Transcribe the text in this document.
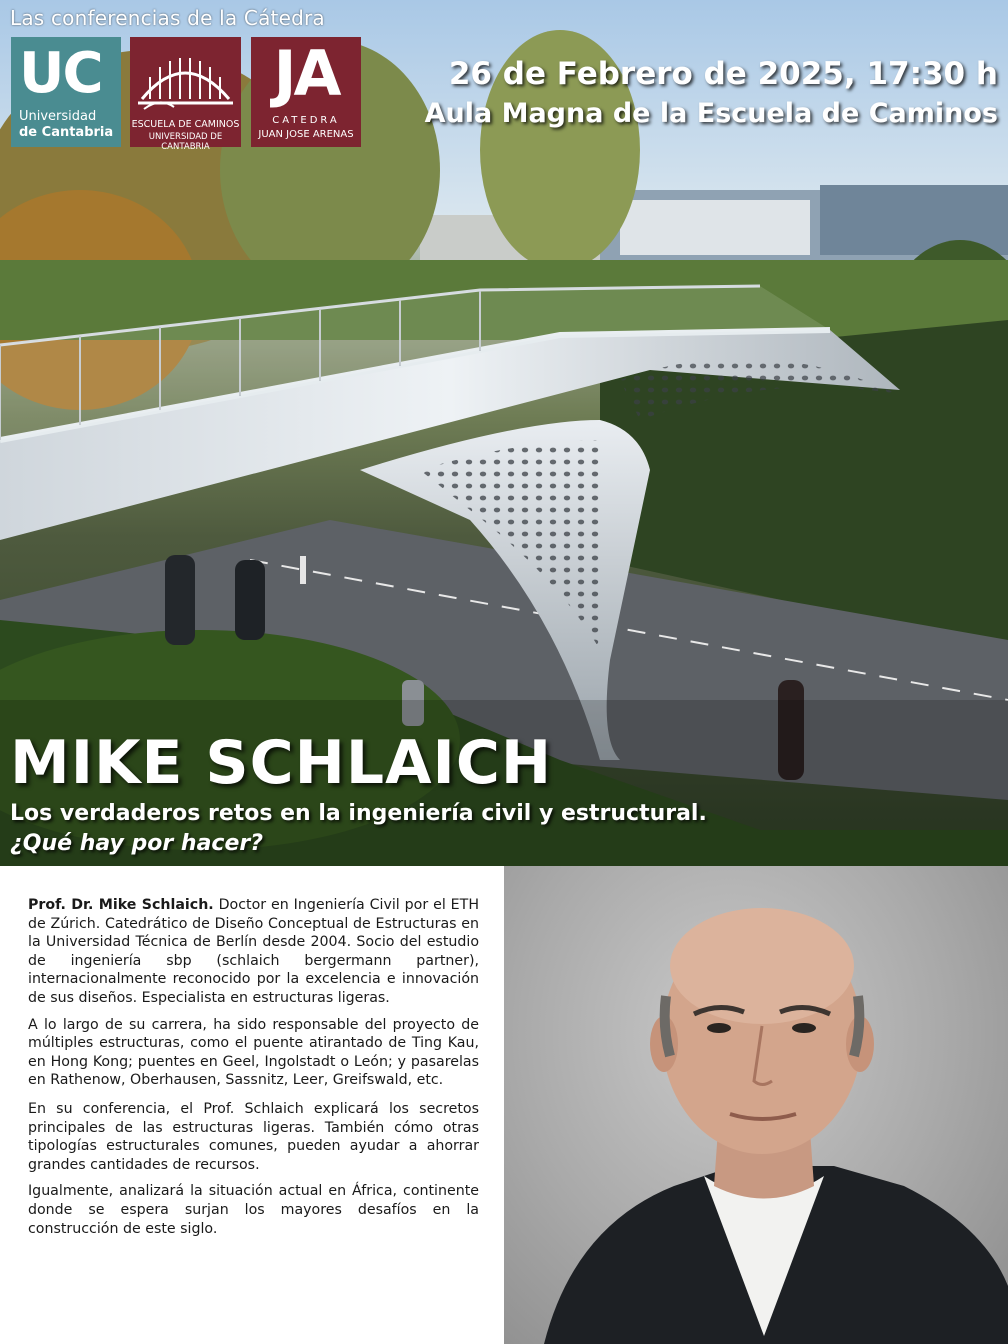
Las conferencias de la Cátedra
UC
Universidad
de Cantabria
ESCUELA DE CAMINOS
UNIVERSIDAD DE CANTABRIA
JA
CATEDRA
JUAN JOSE ARENAS
26 de Febrero de 2025, 17:30 h
Aula Magna de la Escuela de Caminos
MIKE SCHLAICH
Los verdaderos retos en la ingeniería civil y estructural.
¿Qué hay por hacer?

Prof. Dr. Mike Schlaich. Doctor en Ingeniería Civil por el ETH de Zúrich. Catedrático de Diseño Conceptual de Estructuras en la Universidad Técnica de Berlín desde 2004. Socio del estudio de ingeniería sbp (schlaich bergermann partner), internacionalmente reconocido por la excelencia e innovación de sus diseños. Especialista en estructuras ligeras.

A lo largo de su carrera, ha sido responsable del proyecto de múltiples estructuras, como el puente atirantado de Ting Kau, en Hong Kong; puentes en Geel, Ingolstadt o León; y pasarelas en Rathenow, Oberhausen, Sassnitz, Leer, Greifswald, etc.

En su conferencia, el Prof. Schlaich explicará los secretos principales de las estructuras ligeras. También cómo otras tipologías estructurales comunes, pueden ayudar a ahorrar grandes cantidades de recursos.

Igualmente, analizará la situación actual en África, continente donde se espera surjan los mayores desafíos en la construcción de este siglo.
